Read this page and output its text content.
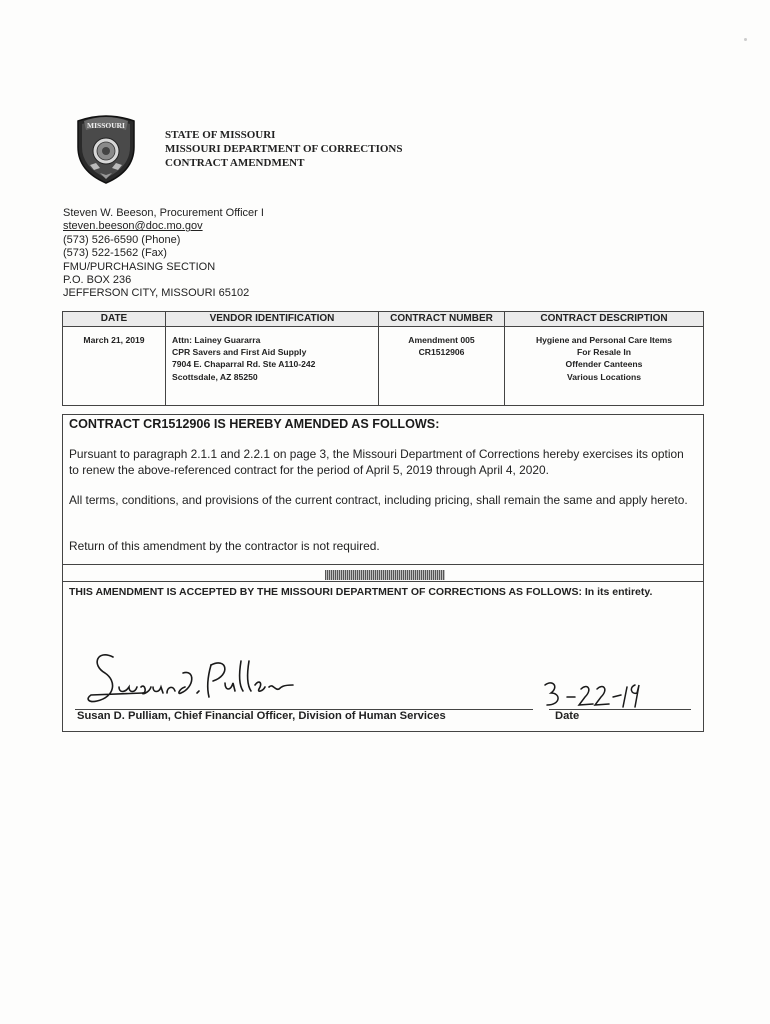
MISSOURI
STATE OF MISSOURI
MISSOURI DEPARTMENT OF CORRECTIONS
CONTRACT AMENDMENT
Steven W. Beeson, Procurement Officer I
steven.beeson@doc.mo.gov
(573) 526-6590 (Phone)
(573) 522-1562 (Fax)
FMU/PURCHASING SECTION
P.O. BOX 236
JEFFERSON CITY, MISSOURI 65102
DATE
March 21, 2019
VENDOR IDENTIFICATION
Attn: Lainey Guararra
CPR Savers and First Aid Supply
7904 E. Chaparral Rd. Ste A110-242
Scottsdale, AZ 85250
CONTRACT NUMBER
Amendment 005
CR1512906
CONTRACT DESCRIPTION
Hygiene and Personal Care Items
For Resale In
Offender Canteens
Various Locations
CONTRACT CR1512906 IS HEREBY AMENDED AS FOLLOWS:
Pursuant to paragraph 2.1.1 and 2.2.1 on page 3, the Missouri Department of Corrections hereby exercises its option to renew the above-referenced contract for the period of April 5, 2019 through April 4, 2020.
All terms, conditions, and provisions of the current contract, including pricing, shall remain the same and apply hereto.
Return of this amendment by the contractor is not required.
THIS AMENDMENT IS ACCEPTED BY THE MISSOURI DEPARTMENT OF CORRECTIONS AS FOLLOWS: In its entirety.
Susan D. Pulliam, Chief Financial Officer, Division of Human Services	Date
